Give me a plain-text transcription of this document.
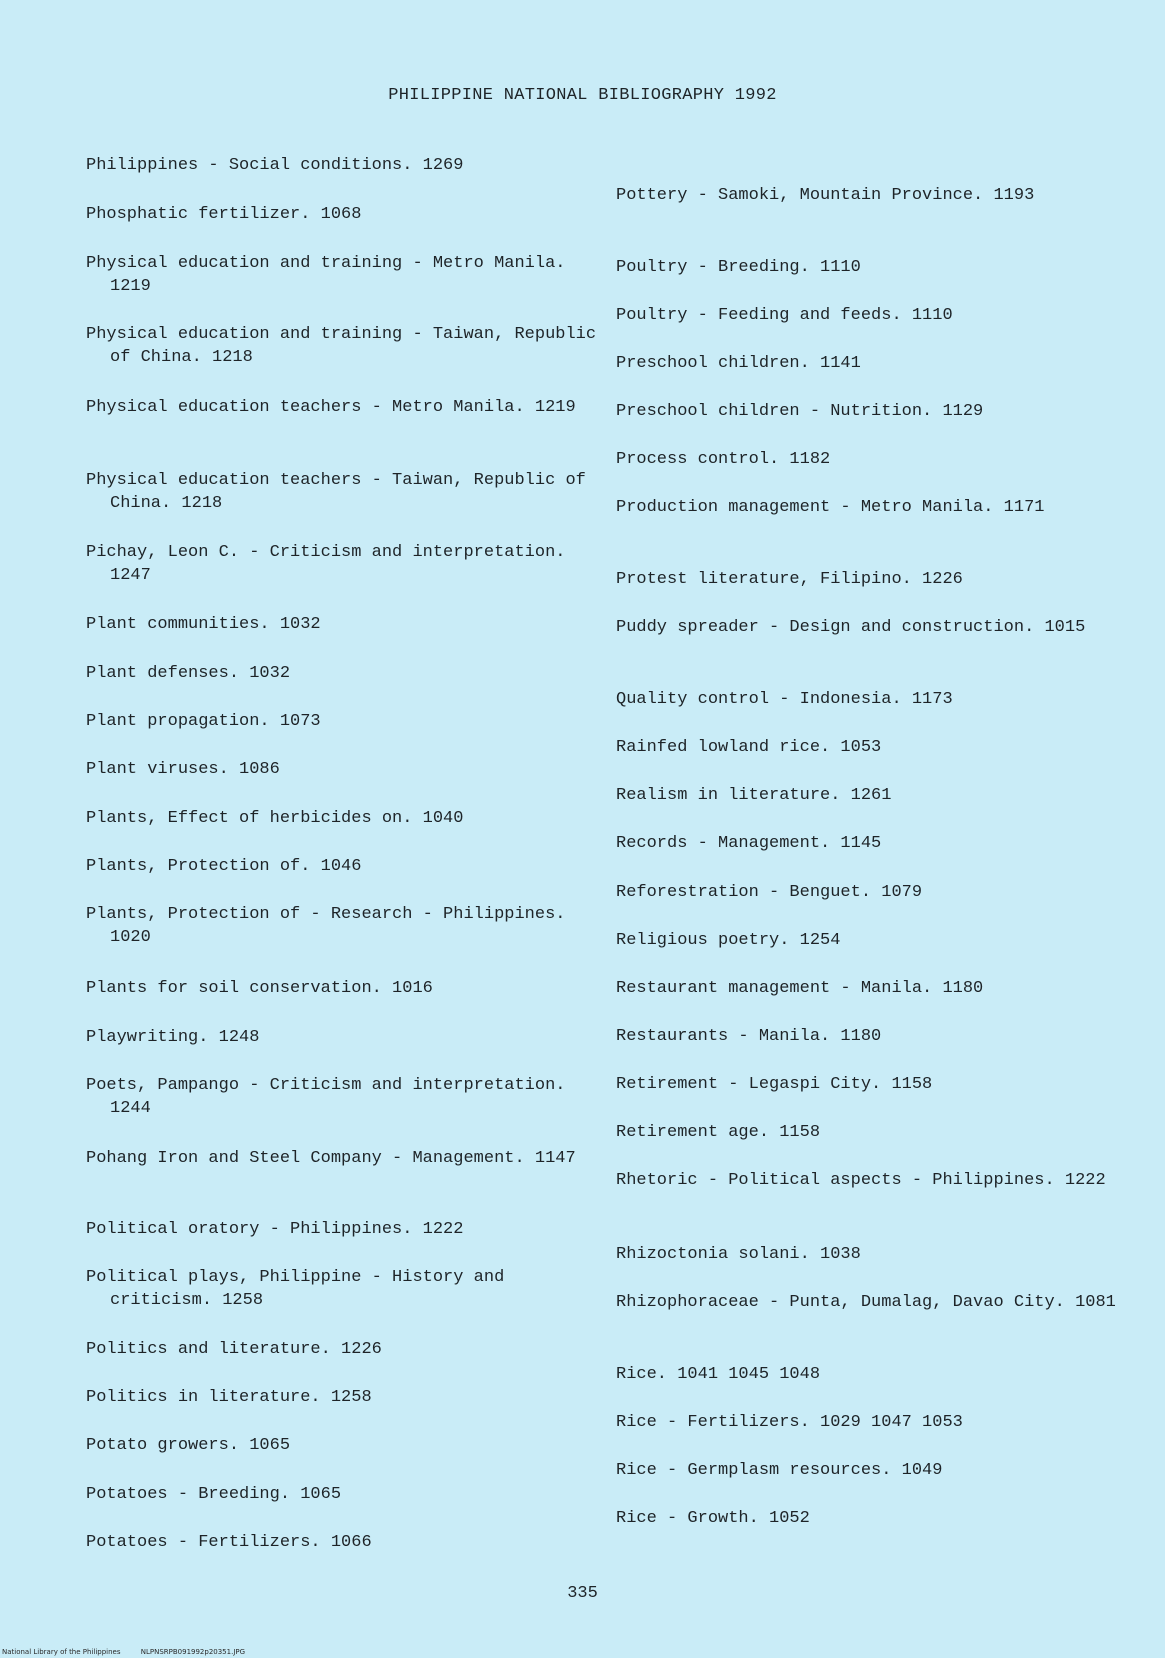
PHILIPPINE NATIONAL BIBLIOGRAPHY 1992
Philippines - Social conditions. 1269
Phosphatic fertilizer. 1068
Physical education and training - Metro Manila. 1219
Physical education and training - Taiwan, Republic of China. 1218
Physical education teachers - Metro Manila. 1219
Physical education teachers - Taiwan, Republic of China. 1218
Pichay, Leon C. - Criticism and interpretation. 1247
Plant communities. 1032
Plant defenses. 1032
Plant propagation. 1073
Plant viruses. 1086
Plants, Effect of herbicides on. 1040
Plants, Protection of. 1046
Plants, Protection of - Research - Philippines. 1020
Plants for soil conservation. 1016
Playwriting. 1248
Poets, Pampango - Criticism and interpretation. 1244
Pohang Iron and Steel Company - Management. 1147
Political oratory - Philippines. 1222
Political plays, Philippine - History and criticism. 1258
Politics and literature. 1226
Politics in literature. 1258
Potato growers. 1065
Potatoes - Breeding. 1065
Potatoes - Fertilizers. 1066
Pottery - Samoki, Mountain Province. 1193
Poultry - Breeding. 1110
Poultry - Feeding and feeds. 1110
Preschool children. 1141
Preschool children - Nutrition. 1129
Process control. 1182
Production management - Metro Manila. 1171
Protest literature, Filipino. 1226
Puddy spreader - Design and construction. 1015
Quality control - Indonesia. 1173
Rainfed lowland rice. 1053
Realism in literature. 1261
Records - Management. 1145
Reforestration - Benguet. 1079
Religious poetry. 1254
Restaurant management - Manila. 1180
Restaurants - Manila. 1180
Retirement - Legaspi City. 1158
Retirement age. 1158
Rhetoric - Political aspects - Philippines. 1222
Rhizoctonia solani. 1038
Rhizophoraceae - Punta, Dumalag, Davao City. 1081
Rice. 1041 1045 1048
Rice - Fertilizers. 1029 1047 1053
Rice - Germplasm resources. 1049
Rice - Growth. 1052
335
National Library of the Philippines	NLPNSRPB091992p20351.JPG
